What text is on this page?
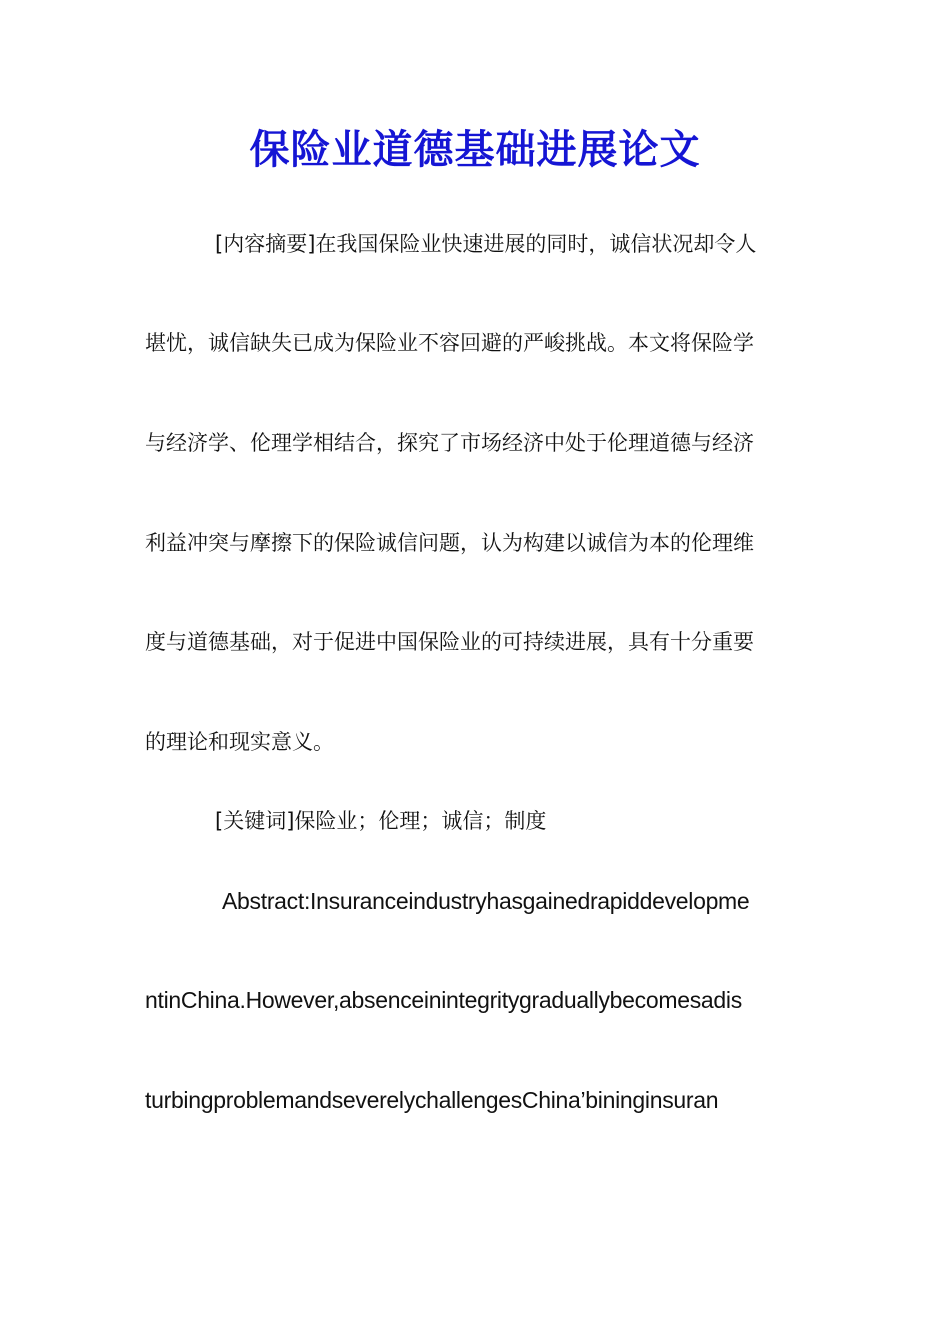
保险业道德基础进展论文
[内容摘要]在我国保险业快速进展的同时，诚信状况却令人
堪忧，诚信缺失已成为保险业不容回避的严峻挑战。本文将保险学
与经济学、伦理学相结合，探究了市场经济中处于伦理道德与经济
利益冲突与摩擦下的保险诚信问题，认为构建以诚信为本的伦理维
度与道德基础，对于促进中国保险业的可持续进展，具有十分重要
的理论和现实意义。
[关键词]保险业；伦理；诚信；制度
Abstract:Insuranceindustryhasgainedrapiddevelopme
ntinChina.However,absenceinintegritygraduallybecomesadis
turbingproblemandseverelychallengesChina’bininginsuran
